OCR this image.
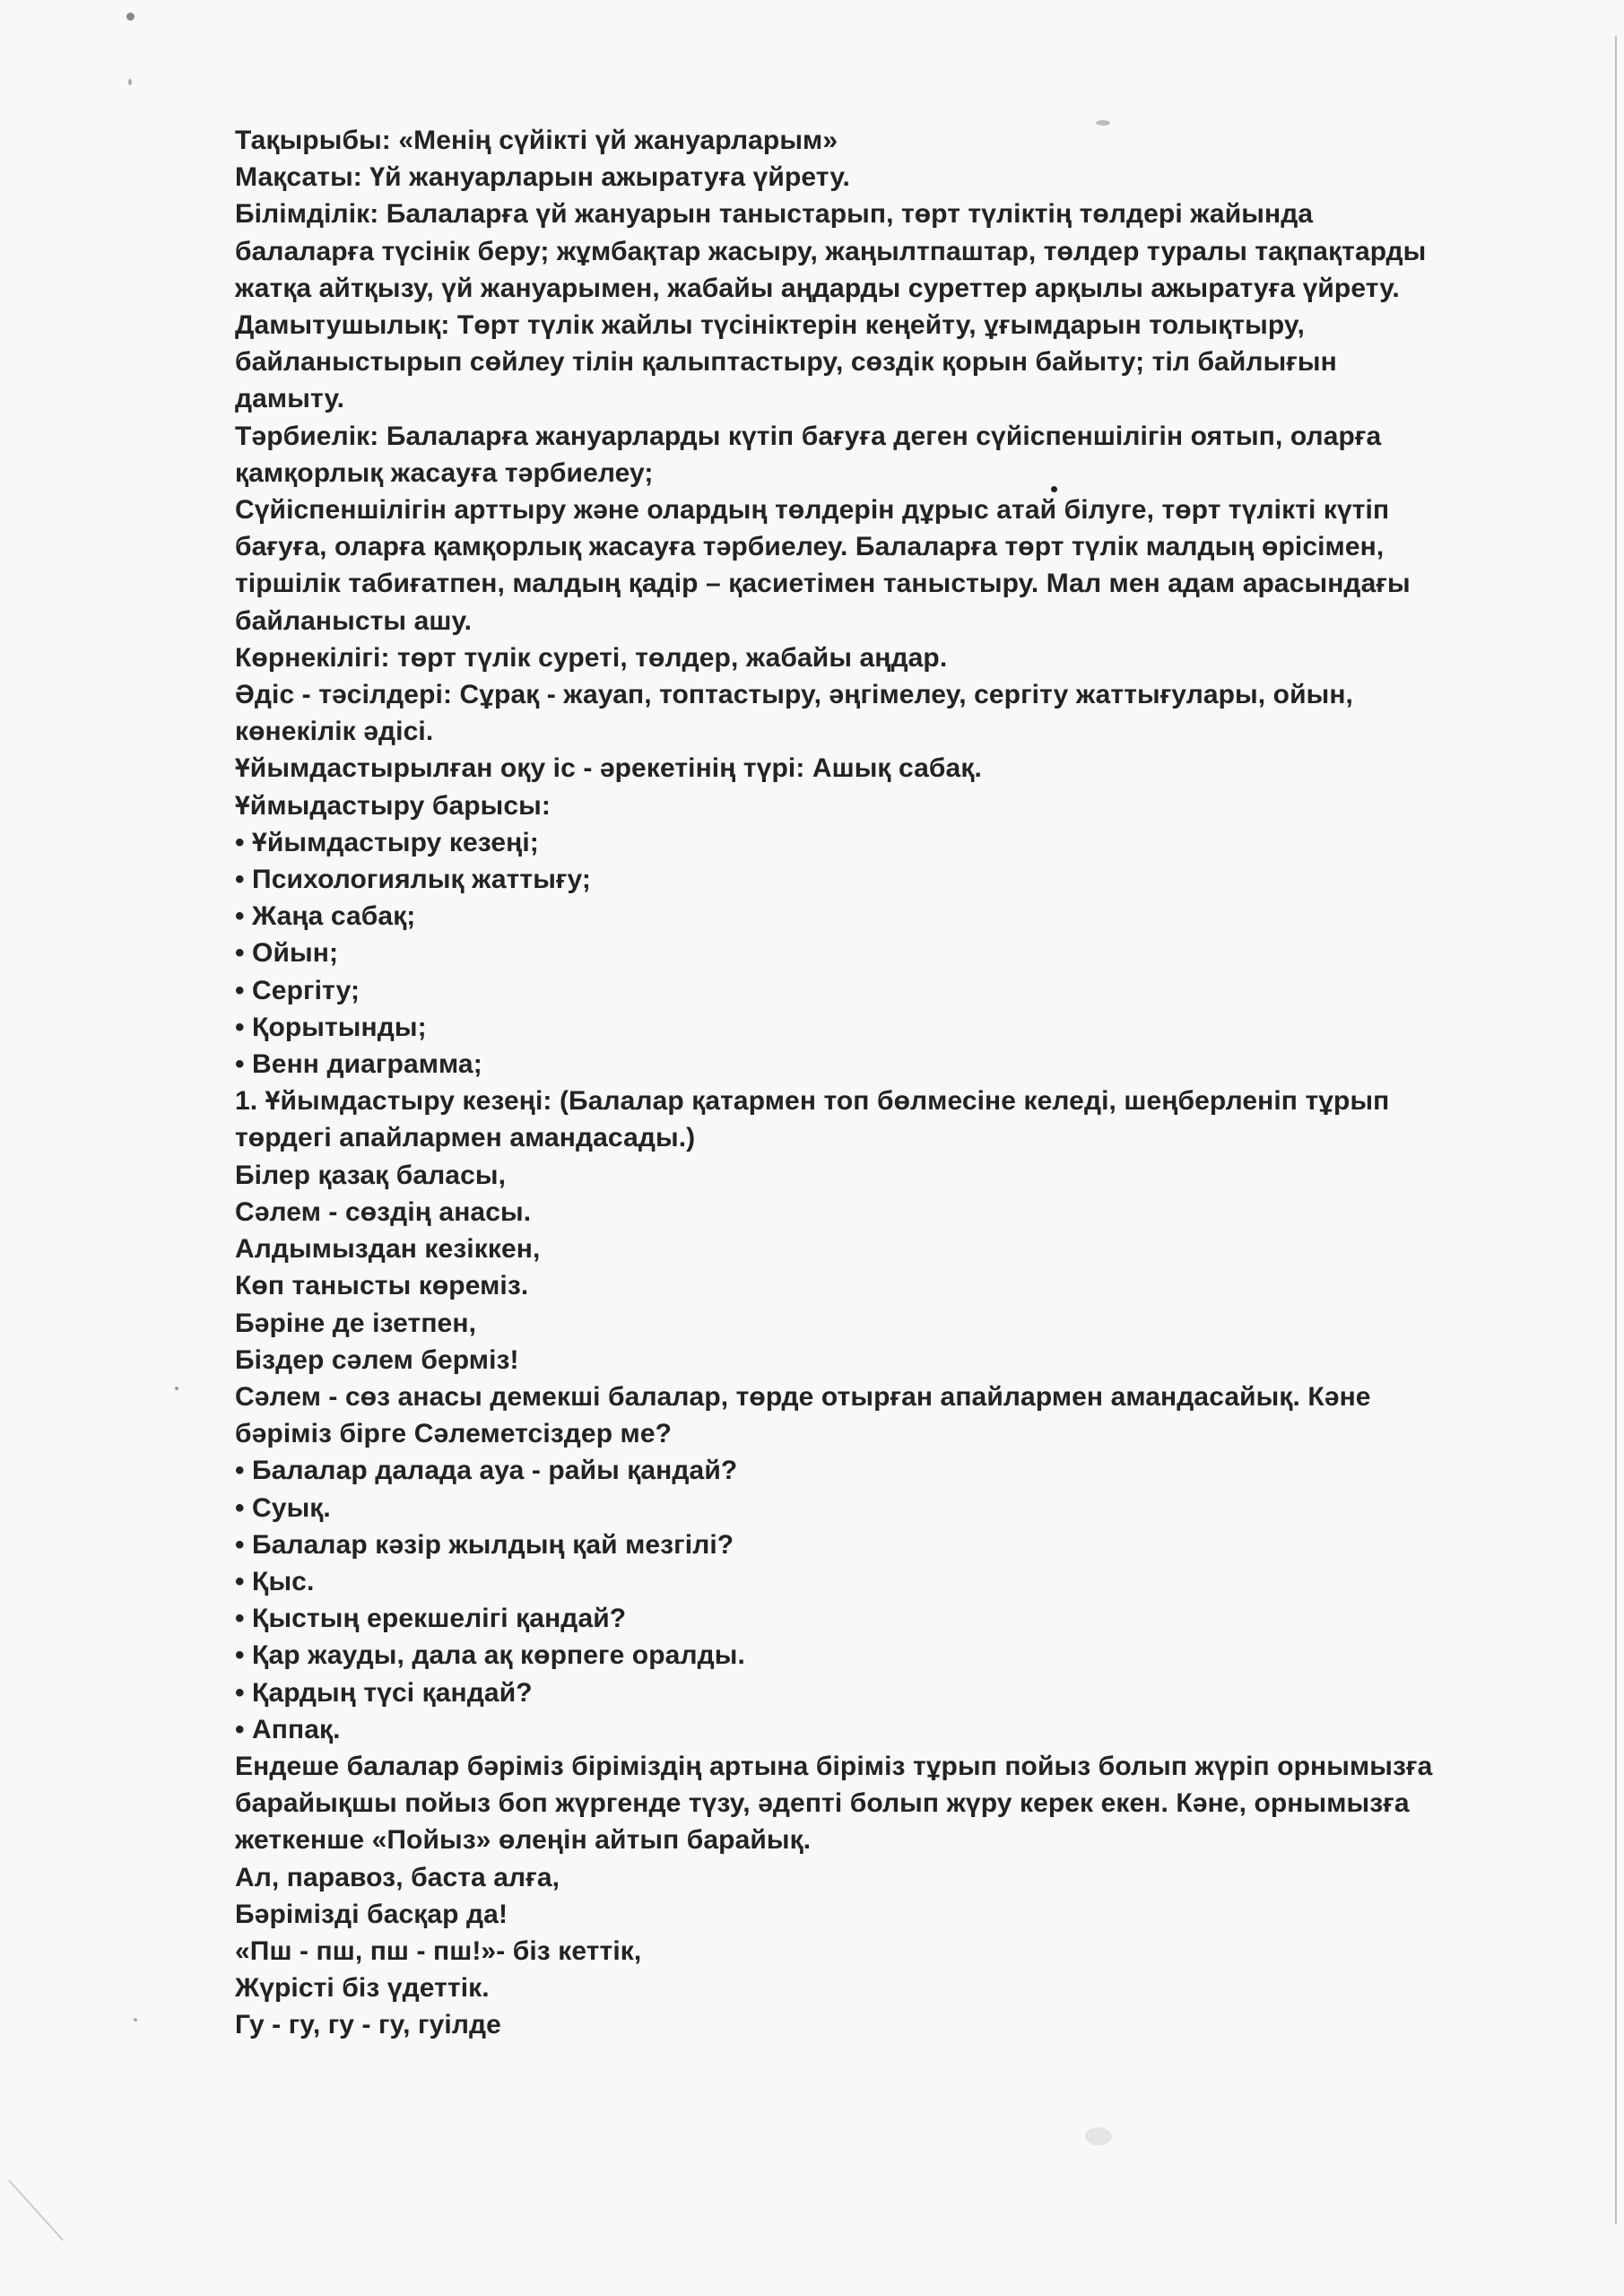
Тақырыбы: «Менің сүйікті үй жануарларым»
Мақсаты: Үй жануарларын ажыратуға үйрету.
Білімділік: Балаларға үй жануарын таныстарып, төрт түліктің төлдері жайында
балаларға түсінік беру; жұмбақтар жасыру, жаңылтпаштар, төлдер туралы тақпақтарды
жатқа айтқызу, үй жануарымен, жабайы аңдарды суреттер арқылы ажыратуға үйрету.
Дамытушылық: Төрт түлік жайлы түсініктерін кеңейту, ұғымдарын толықтыру,
байланыстырып сөйлеу тілін қалыптастыру, сөздік қорын байыту; тіл байлығын
дамыту.
Тәрбиелік: Балаларға жануарларды күтіп бағуға деген сүйіспеншілігін оятып, оларға
қамқорлық жасауға тәрбиелеу;
Сүйіспеншілігін арттыру және олардың төлдерін дұрыс атай білуге, төрт түлікті күтіп
бағуға, оларға қамқорлық жасауға тәрбиелеу. Балаларға төрт түлік малдың өрісімен,
тіршілік табиғатпен, малдың қадір – қасиетімен таныстыру. Мал мен адам арасындағы
байланысты ашу.
Көрнекілігі: төрт түлік суреті, төлдер, жабайы аңдар.
Әдіс - тәсілдері: Сұрақ - жауап, топтастыру, әңгімелеу, сергіту жаттығулары, ойын,
көнекілік әдісі.
Ұйымдастырылған оқу іс - әрекетінің түрі: Ашық сабақ.
Ұймыдастыру барысы:
• Ұйымдастыру кезеңі;
• Психологиялық жаттығу;
• Жаңа сабақ;
• Ойын;
• Сергіту;
• Қорытынды;
• Венн диаграмма;
1. Ұйымдастыру кезеңі: (Балалар қатармен топ бөлмесіне келеді, шеңберленіп тұрып
төрдегі апайлармен амандасады.)
Білер қазақ баласы,
Сәлем - сөздің анасы.
Алдымыздан кезіккен,
Көп танысты көреміз.
Бәріне де ізетпен,
Біздер сәлем берміз!
Сәлем - сөз анасы демекші балалар, төрде отырған апайлармен амандасайық. Кәне
бәріміз бірге Сәлеметсіздер ме?
• Балалар далада ауа - райы қандай?
• Суық.
• Балалар кәзір жылдың қай мезгілі?
• Қыс.
• Қыстың ерекшелігі қандай?
• Қар жауды, дала ақ көрпеге оралды.
• Қардың түсі қандай?
• Аппақ.
Ендеше балалар бәріміз біріміздің артына біріміз тұрып пойыз болып жүріп орнымызға
барайықшы пойыз боп жүргенде түзу, әдепті болып жүру керек екен. Кәне, орнымызға
жеткенше «Пойыз» өлеңін айтып барайық.
Ал, паравоз, баста алға,
Бәрімізді басқар да!
«Пш - пш, пш - пш!»- біз кеттік,
Жүрісті біз үдеттік.
Гу - гу, гу - гу, гуілде
